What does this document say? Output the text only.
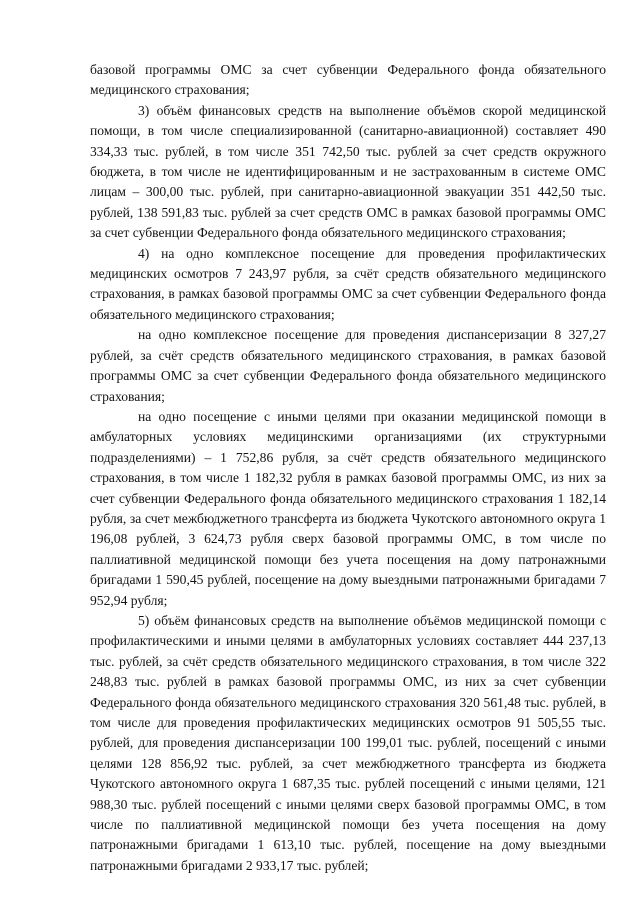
базовой программы ОМС за счет субвенции Федерального фонда обязательного медицинского страхования;

3) объём финансовых средств на выполнение объёмов скорой медицинской помощи, в том числе специализированной (санитарно-авиационной) составляет 490 334,33 тыс. рублей, в том числе 351 742,50 тыс. рублей за счет средств окружного бюджета, в том числе не идентифицированным и не застрахованным в системе ОМС лицам – 300,00 тыс. рублей, при санитарно-авиационной эвакуации 351 442,50 тыс. рублей, 138 591,83 тыс. рублей за счет средств ОМС в рамках базовой программы ОМС за счет субвенции Федерального фонда обязательного медицинского страхования;

4) на одно комплексное посещение для проведения профилактических медицинских осмотров 7 243,97 рубля, за счёт средств обязательного медицинского страхования, в рамках базовой программы ОМС за счет субвенции Федерального фонда обязательного медицинского страхования;

на одно комплексное посещение для проведения диспансеризации 8 327,27 рублей, за счёт средств обязательного медицинского страхования, в рамках базовой программы ОМС за счет субвенции Федерального фонда обязательного медицинского страхования;

на одно посещение с иными целями при оказании медицинской помощи в амбулаторных условиях медицинскими организациями (их структурными подразделениями) – 1 752,86 рубля, за счёт средств обязательного медицинского страхования, в том числе 1 182,32 рубля в рамках базовой программы ОМС, из них за счет субвенции Федерального фонда обязательного медицинского страхования 1 182,14 рубля, за счет межбюджетного трансферта из бюджета Чукотского автономного округа 1 196,08 рублей, 3 624,73 рубля сверх базовой программы ОМС, в том числе по паллиативной медицинской помощи без учета посещения на дому патронажными бригадами 1 590,45 рублей, посещение на дому выездными патронажными бригадами 7 952,94 рубля;

5) объём финансовых средств на выполнение объёмов медицинской помощи с профилактическими и иными целями в амбулаторных условиях составляет 444 237,13 тыс. рублей, за счёт средств обязательного медицинского страхования, в том числе 322 248,83 тыс. рублей в рамках базовой программы ОМС, из них за счет субвенции Федерального фонда обязательного медицинского страхования 320 561,48 тыс. рублей, в том числе для проведения профилактических медицинских осмотров 91 505,55 тыс. рублей, для проведения диспансеризации 100 199,01 тыс. рублей, посещений с иными целями 128 856,92 тыс. рублей, за счет межбюджетного трансферта из бюджета Чукотского автономного округа 1 687,35 тыс. рублей посещений с иными целями, 121 988,30 тыс. рублей посещений с иными целями сверх базовой программы ОМС, в том числе по паллиативной медицинской помощи без учета посещения на дому патронажными бригадами 1 613,10 тыс. рублей, посещение на дому выездными патронажными бригадами 2 933,17 тыс. рублей;
